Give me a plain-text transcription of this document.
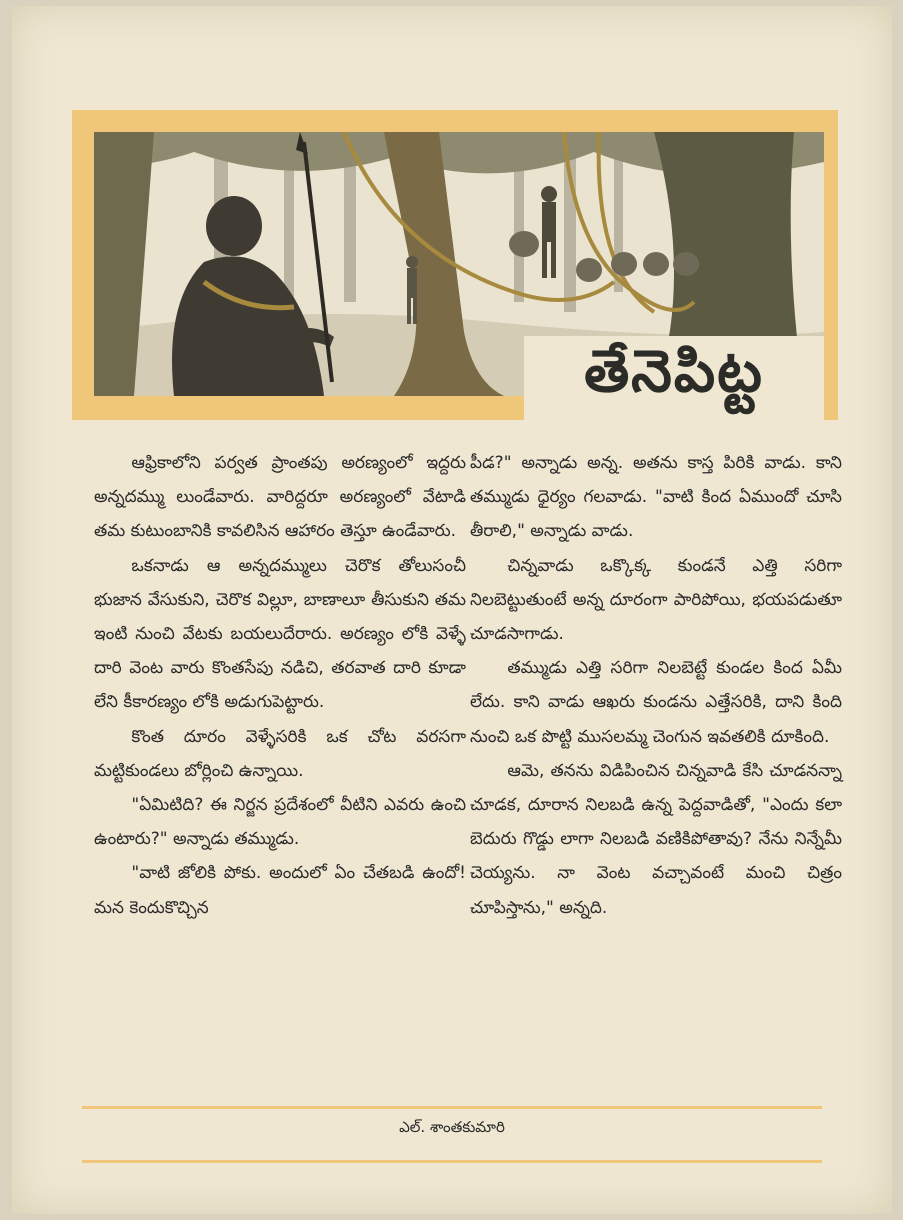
తేనెపిట్ట

ఆఫ్రికాలోని పర్వత ప్రాంతపు అరణ్యంలో ఇద్దరు అన్నదమ్ము లుండేవారు. వారిద్దరూ అరణ్యంలో వేటాడి తమ కుటుంబానికి కావలిసిన ఆహారం తెస్తూ ఉండేవారు.

ఒకనాడు ఆ అన్నదమ్ములు చెరొక తోలుసంచీ భుజాన వేసుకుని, చెరొక విల్లూ, బాణాలూ తీసుకుని తమ ఇంటి నుంచి వేటకు బయలుదేరారు. అరణ్యం లోకి వెళ్ళే దారి వెంట వారు కొంతసేపు నడిచి, తరవాత దారి కూడా లేని కీకారణ్యం లోకి అడుగుపెట్టారు.

కొంత దూరం వెళ్ళేసరికి ఒక చోట వరసగా మట్టికుండలు బోర్లించి ఉన్నాయి.

"ఏమిటిది? ఈ నిర్జన ప్రదేశంలో వీటిని ఎవరు ఉంచి ఉంటారు?" అన్నాడు తమ్ముడు.

"వాటి జోలికి పోకు. అందులో ఏం చేతబడి ఉందో! మన కెందుకొచ్చిన

పీడ?" అన్నాడు అన్న. అతను కాస్త పిరికి వాడు. కాని తమ్ముడు ధైర్యం గలవాడు. "వాటి కింద ఏముందో చూసి తీరాలి," అన్నాడు వాడు.

చిన్నవాడు ఒక్కొక్క కుండనే ఎత్తి సరిగా నిలబెట్టుతుంటే అన్న దూరంగా పారిపోయి, భయపడుతూ చూడసాగాడు.

తమ్ముడు ఎత్తి సరిగా నిలబెట్టే కుండల కింద ఏమీ లేదు. కాని వాడు ఆఖరు కుండను ఎత్తేసరికి, దాని కింది నుంచి ఒక పొట్టి ముసలమ్మ చెంగున ఇవతలికి దూకింది.

ఆమె, తనను విడిపించిన చిన్నవాడి కేసి చూడనన్నా చూడక, దూరాన నిలబడి ఉన్న పెద్దవాడితో, "ఎందు కలా బెదురు గొడ్డు లాగా నిలబడి వణికిపోతావు? నేను నిన్నేమీ చెయ్యను. నా వెంట వచ్చావంటే మంచి చిత్రం చూపిస్తాను," అన్నది.

ఎల్. శాంతకుమారి
